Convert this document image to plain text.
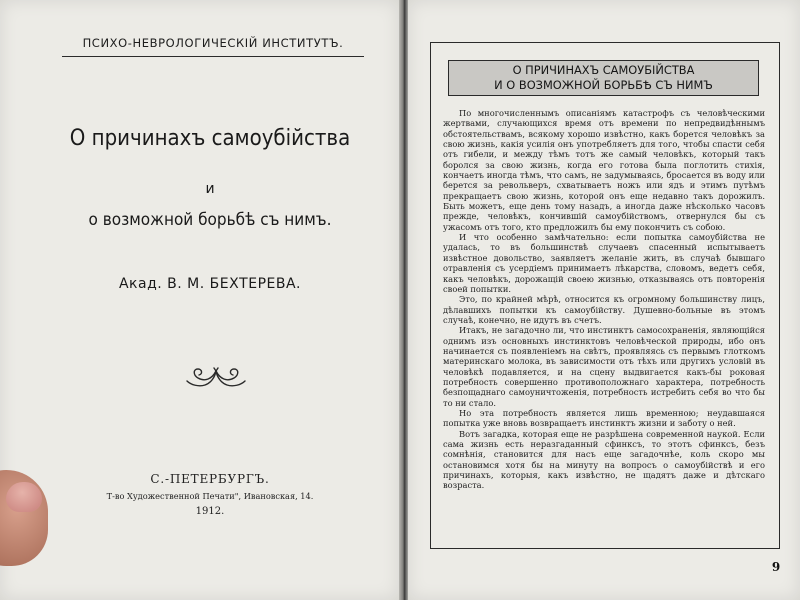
ПСИХО-НЕВРОЛОГИЧЕСКIЙ ИНСТИТУТЪ.
О причинахъ самоубійства
и
о возможной борьбѣ съ нимъ.
Акад. В. М. БЕХТЕРЕВА.
С.-ПЕТЕРБУРГЪ.
Т-во Художественной Печати", Ивановская, 14.
1912.
О ПРИЧИНАХЪ САМОУБІЙСТВА
И О ВОЗМОЖНОЙ БОРЬБѢ СЪ НИМЪ

По многочисленнымъ описаніямъ катастрофъ съ человѣческими жертвами, случающихся время отъ времени по непредвидѣннымъ обстоятельствамъ, всякому хорошо извѣстно, какъ борется человѣкъ за свою жизнь, какія усилія онъ употребляетъ для того, чтобы спасти себя отъ гибели, и между тѣмъ тотъ же самый человѣкъ, который такъ боролся за свою жизнь, когда его готова была поглотить стихія, кончаетъ иногда тѣмъ, что самъ, не задумываясь, бросается въ воду или берется за револьверъ, схватываетъ ножъ или ядъ и этимъ путѣмъ прекращаетъ свою жизнь, которой онъ еще недавно такъ дорожилъ. Быть можетъ, еще день тому назадъ, а иногда даже нѣсколько часовъ прежде, человѣкъ, кончившій самоубійствомъ, отвернулся бы съ ужасомъ отъ того, кто предложилъ бы ему покончить съ собою.

И что особенно замѣчательно: если попытка самоубійства не удалась, то въ большинствѣ случаевъ спасенный испытываетъ извѣстное довольство, заявляетъ желаніе жить, въ случаѣ бывшаго отравленія съ усердіемъ принимаетъ лѣкарства, словомъ, ведетъ себя, какъ человѣкъ, дорожащій своею жизнью, отказываясь отъ повторенія своей попытки.

Это, по крайней мѣрѣ, относится къ огромному большинству лицъ, дѣлавшихъ попытки къ самоубійству. Душевно-больные въ этомъ случаѣ, конечно, не идутъ въ счетъ.

Итакъ, не загадочно ли, что инстинктъ самосохраненія, являющійся однимъ изъ основныхъ инстинктовъ человѣческой природы, ибо онъ начинается съ появленіемъ на свѣтъ, проявляясь съ первымъ глоткомъ материнскаго молока, въ зависимости отъ тѣхъ или другихъ условій въ человѣкѣ подавляется, и на сцену выдвигается какъ-бы роковая потребность совершенно противоположнаго характера, потребность безпощаднаго самоуничтоженія, потребность истребить себя во что бы то ни стало.

Но эта потребность является лишь временною; неудавшаяся попытка уже вновь возвращаетъ инстинктъ жизни и заботу о ней.

Вотъ загадка, которая еще не разрѣшена современной наукой. Если сама жизнь есть неразгаданный сфинксъ, то этотъ сфинксъ, безъ сомнѣнія, становится для насъ еще загадочнѣе, коль скоро мы остановимся хотя бы на минуту на вопросъ о самоубійствѣ и его причинахъ, которыя, какъ извѣстно, не щадятъ даже и дѣтскаго возраста.

9
